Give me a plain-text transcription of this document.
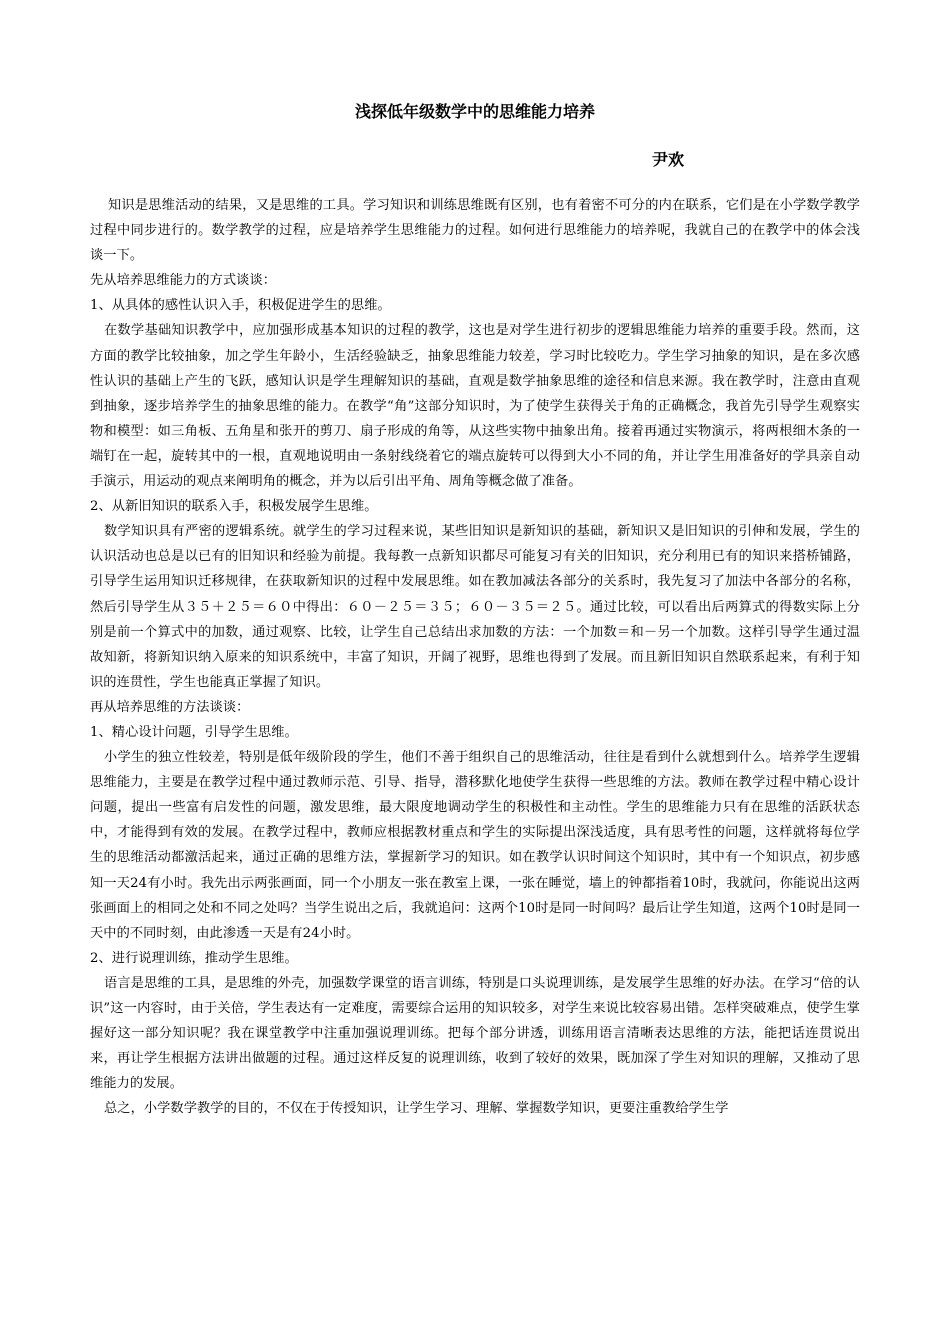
浅探低年级数学中的思维能力培养
尹欢

知识是思维活动的结果，又是思维的工具。学习知识和训练思维既有区别，也有着密不可分的内在联系，它们是在小学数学教学过程中同步进行的。数学教学的过程，应是培养学生思维能力的过程。如何进行思维能力的培养呢，我就自己的在教学中的体会浅谈一下。

先从培养思维能力的方式谈谈：

1、从具体的感性认识入手，积极促进学生的思维。

在数学基础知识教学中，应加强形成基本知识的过程的教学，这也是对学生进行初步的逻辑思维能力培养的重要手段。然而，这方面的教学比较抽象，加之学生年龄小，生活经验缺乏，抽象思维能力较差，学习时比较吃力。学生学习抽象的知识，是在多次感性认识的基础上产生的飞跃，感知认识是学生理解知识的基础，直观是数学抽象思维的途径和信息来源。我在教学时，注意由直观到抽象，逐步培养学生的抽象思维的能力。在教学“角”这部分知识时，为了使学生获得关于角的正确概念，我首先引导学生观察实物和模型：如三角板、五角星和张开的剪刀、扇子形成的角等，从这些实物中抽象出角。接着再通过实物演示，将两根细木条的一端钉在一起，旋转其中的一根，直观地说明由一条射线绕着它的端点旋转可以得到大小不同的角，并让学生用准备好的学具亲自动手演示，用运动的观点来阐明角的概念，并为以后引出平角、周角等概念做了准备。

2、从新旧知识的联系入手，积极发展学生思维。

数学知识具有严密的逻辑系统。就学生的学习过程来说，某些旧知识是新知识的基础，新知识又是旧知识的引伸和发展，学生的认识活动也总是以已有的旧知识和经验为前提。我每教一点新知识都尽可能复习有关的旧知识，充分利用已有的知识来搭桥铺路，引导学生运用知识迁移规律，在获取新知识的过程中发展思维。如在教加减法各部分的关系时，我先复习了加法中各部分的名称，然后引导学生从３５＋２５＝６０中得出：６０－２５＝３５；６０－３５＝２５。通过比较，可以看出后两算式的得数实际上分别是前一个算式中的加数，通过观察、比较，让学生自己总结出求加数的方法：一个加数＝和－另一个加数。这样引导学生通过温故知新，将新知识纳入原来的知识系统中，丰富了知识，开阔了视野，思维也得到了发展。而且新旧知识自然联系起来，有利于知识的连贯性，学生也能真正掌握了知识。

再从培养思维的方法谈谈：

1、精心设计问题，引导学生思维。

小学生的独立性较差，特别是低年级阶段的学生，他们不善于组织自己的思维活动，往往是看到什么就想到什么。培养学生逻辑思维能力，主要是在教学过程中通过教师示范、引导、指导，潜移默化地使学生获得一些思维的方法。教师在教学过程中精心设计问题，提出一些富有启发性的问题，激发思维，最大限度地调动学生的积极性和主动性。学生的思维能力只有在思维的活跃状态中，才能得到有效的发展。在教学过程中，教师应根据教材重点和学生的实际提出深浅适度，具有思考性的问题，这样就将每位学生的思维活动都激活起来，通过正确的思维方法，掌握新学习的知识。如在教学认识时间这个知识时，其中有一个知识点，初步感知一天24有小时。我先出示两张画面，同一个小朋友一张在教室上课，一张在睡觉，墙上的钟都指着10时，我就问，你能说出这两张画面上的相同之处和不同之处吗？当学生说出之后，我就追问：这两个10时是同一时间吗？最后让学生知道，这两个10时是同一天中的不同时刻，由此渗透一天是有24小时。

2、进行说理训练，推动学生思维。

语言是思维的工具，是思维的外壳，加强数学课堂的语言训练，特别是口头说理训练，是发展学生思维的好办法。在学习“倍的认识”这一内容时，由于关倍，学生表达有一定难度，需要综合运用的知识较多，对学生来说比较容易出错。怎样突破难点，使学生掌握好这一部分知识呢？我在课堂教学中注重加强说理训练。把每个部分讲透，训练用语言清晰表达思维的方法，能把话连贯说出来，再让学生根据方法讲出做题的过程。通过这样反复的说理训练，收到了较好的效果，既加深了学生对知识的理解，又推动了思维能力的发展。

总之，小学数学教学的目的，不仅在于传授知识，让学生学习、理解、掌握数学知识，更要注重教给学生学
